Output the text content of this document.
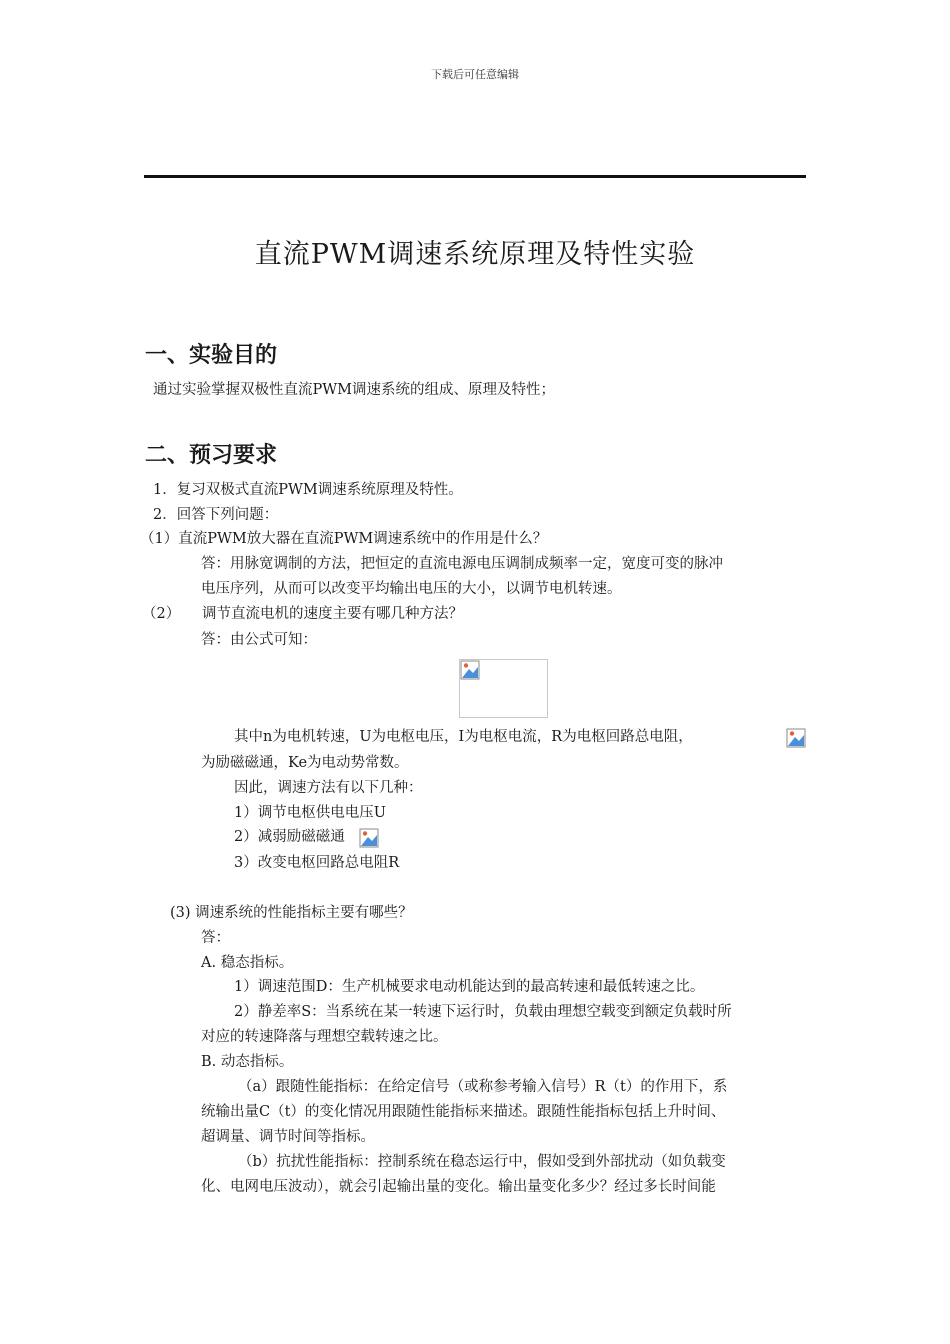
下载后可任意编辑
直流PWM调速系统原理及特性实验
一、实验目的
通过实验掌握双极性直流PWM调速系统的组成、原理及特性；
二、预习要求
1．复习双极式直流PWM调速系统原理及特性。
2．回答下列问题：
（1）直流PWM放大器在直流PWM调速系统中的作用是什么？
答：用脉宽调制的方法，把恒定的直流电源电压调制成频率一定，宽度可变的脉冲
电压序列，从而可以改变平均输出电压的大小，以调节电机转速。
（2） 调节直流电机的速度主要有哪几种方法？
答：由公式可知：
其中n为电机转速，U为电枢电压，I为电枢电流，R为电枢回路总电阻，
为励磁磁通，Ke为电动势常数。
因此，调速方法有以下几种：
1）调节电枢供电电压U
2）减弱励磁磁通
3）改变电枢回路总电阻R
(3) 调速系统的性能指标主要有哪些？
答：
A. 稳态指标。
1）调速范围D：生产机械要求电动机能达到的最高转速和最低转速之比。
2）静差率S：当系统在某一转速下运行时，负载由理想空载变到额定负载时所
对应的转速降落与理想空载转速之比。
B. 动态指标。
（a）跟随性能指标：在给定信号（或称参考输入信号）R（t）的作用下，系
统输出量C（t）的变化情况用跟随性能指标来描述。跟随性能指标包括上升时间、
超调量、调节时间等指标。
（b）抗扰性能指标：控制系统在稳态运行中，假如受到外部扰动（如负载变
化、电网电压波动），就会引起输出量的变化。输出量变化多少？经过多长时间能
